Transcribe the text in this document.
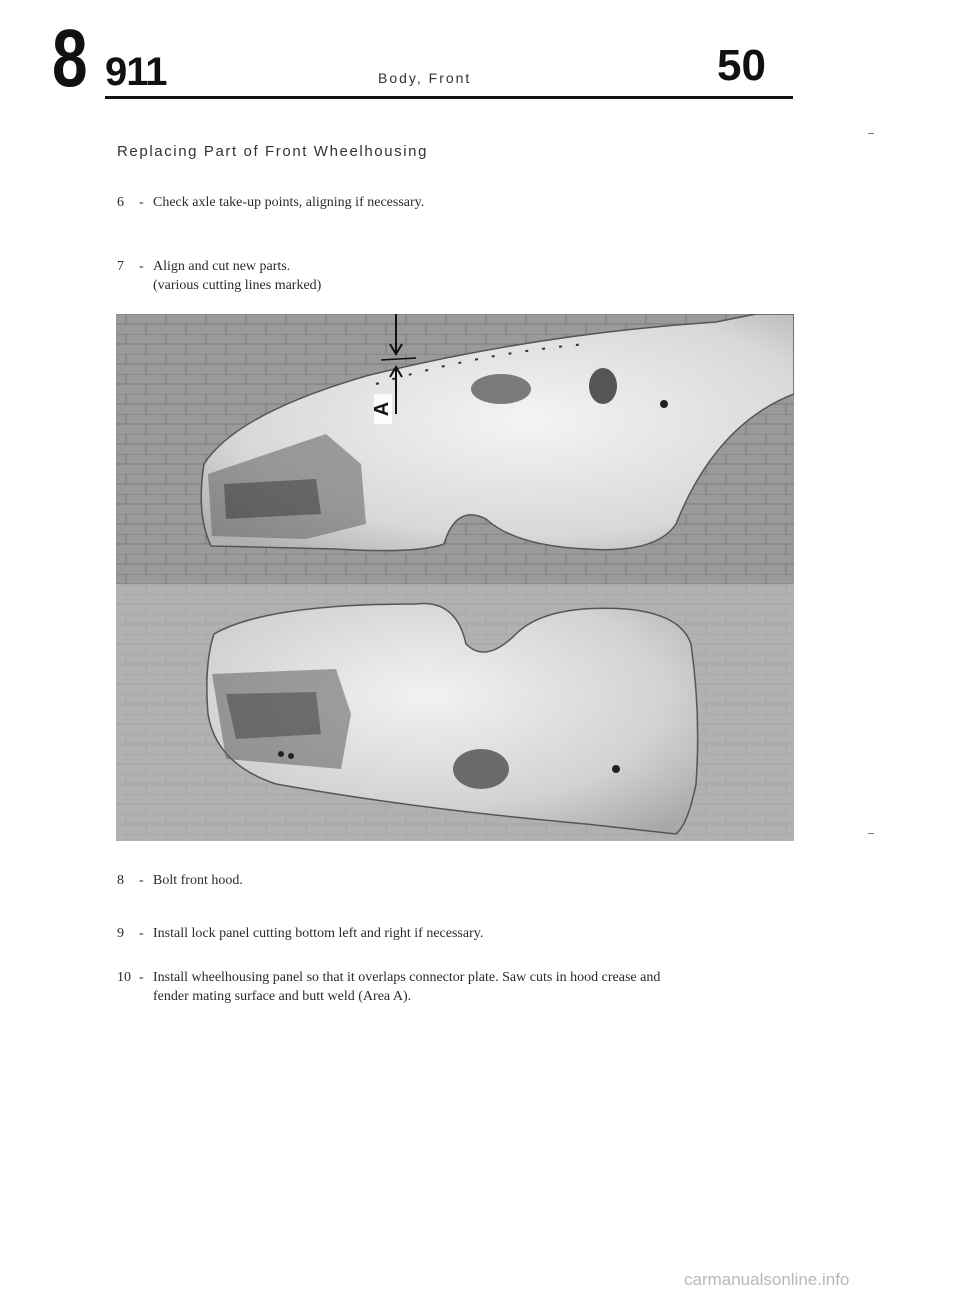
8 911	Body, Front	50
Replacing Part of Front Wheelhousing
6 - Check axle take-up points, aligning if necessary.
7 - Align and cut new parts.
(various cutting lines marked)
A
8 - Bolt front hood.
9 - Install lock panel cutting bottom left and right if necessary.
10 - Install wheelhousing panel so that it overlaps connector plate. Saw cuts in hood crease and
fender mating surface and butt weld (Area A).
carmanualsonline.info
